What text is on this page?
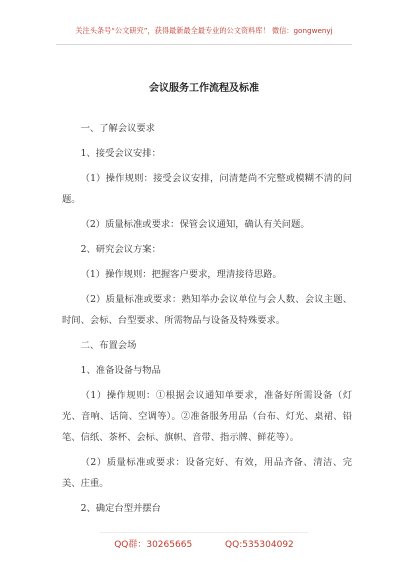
关注头条号“公文研究”，获得最新最全最专业的公文资料库！ 微信：gongwenyj
会议服务工作流程及标准

一、了解会议要求

1、接受会议安排：

（1）操作规则：接受会议安排，问清楚尚不完整或模糊不清的问题。

（2）质量标准或要求：保管会议通知，确认有关问题。

2、研究会议方案：

（1）操作规则：把握客户要求，理清接待思路。

（2）质量标准或要求：熟知举办会议单位与会人数、会议主题、时间、会标、台型要求、所需物品与设备及特殊要求。

二、布置会场

1、准备设备与物品

（1）操作规则：①根据会议通知单要求，准备好所需设备（灯光、音响、话筒、空调等）。②准备服务用品（台布、灯光、桌裙、铅笔、信纸、茶杯、会标、旗帜、音带、指示牌、鲜花等）。

（2）质量标准或要求：设备完好、有效，用品齐备、清洁、完美、庄重。

2、确定台型并摆台

QQ群：30265665	QQ:535304092
